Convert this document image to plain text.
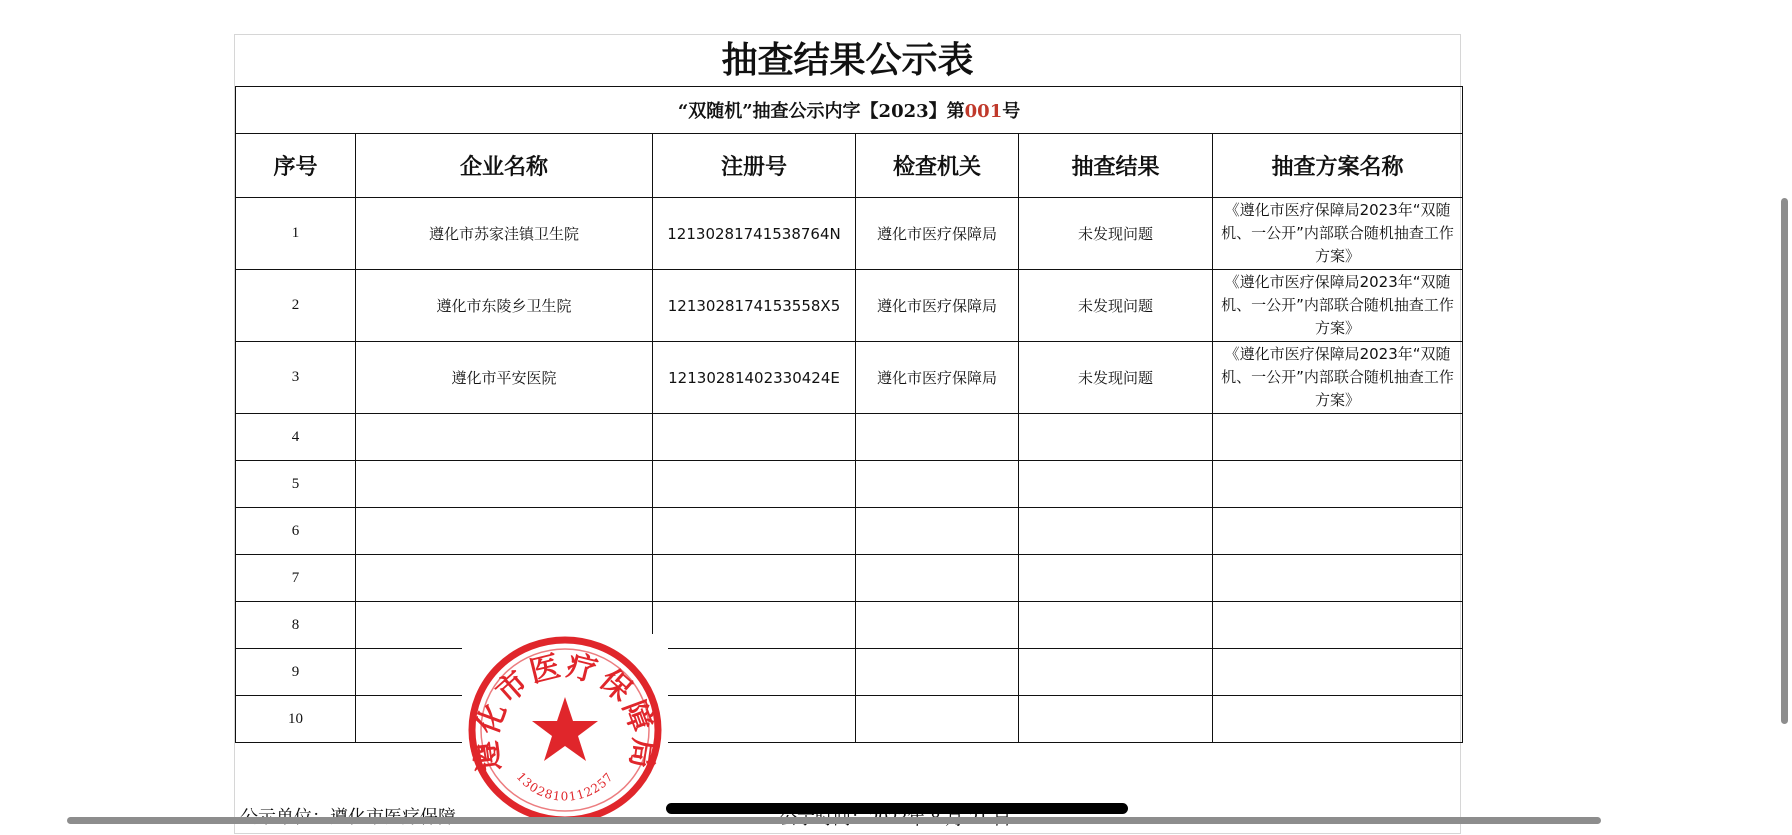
抽查结果公示表
“双随机”抽查公示内字【2023】第001号					
序号	企业名称	注册号	检查机关	抽查结果	抽查方案名称
1	遵化市苏家洼镇卫生院	12130281741538764N	遵化市医疗保障局	未发现问题	《遵化市医疗保障局2023年“双随
机、一公开”内部联合随机抽查工作
方案》

2	遵化市东陵乡卫生院	1213028174153558X5	遵化市医疗保障局	未发现问题	《遵化市医疗保障局2023年“双随
机、一公开”内部联合随机抽查工作
方案》

3	遵化市平安医院	12130281402330424E	遵化市医疗保障局	未发现问题	《遵化市医疗保障局2023年“双随
机、一公开”内部联合随机抽查工作
方案》

4					
5					
6					
7					
8					
9					
10					
遵化市医疗保障局
1302810112257
